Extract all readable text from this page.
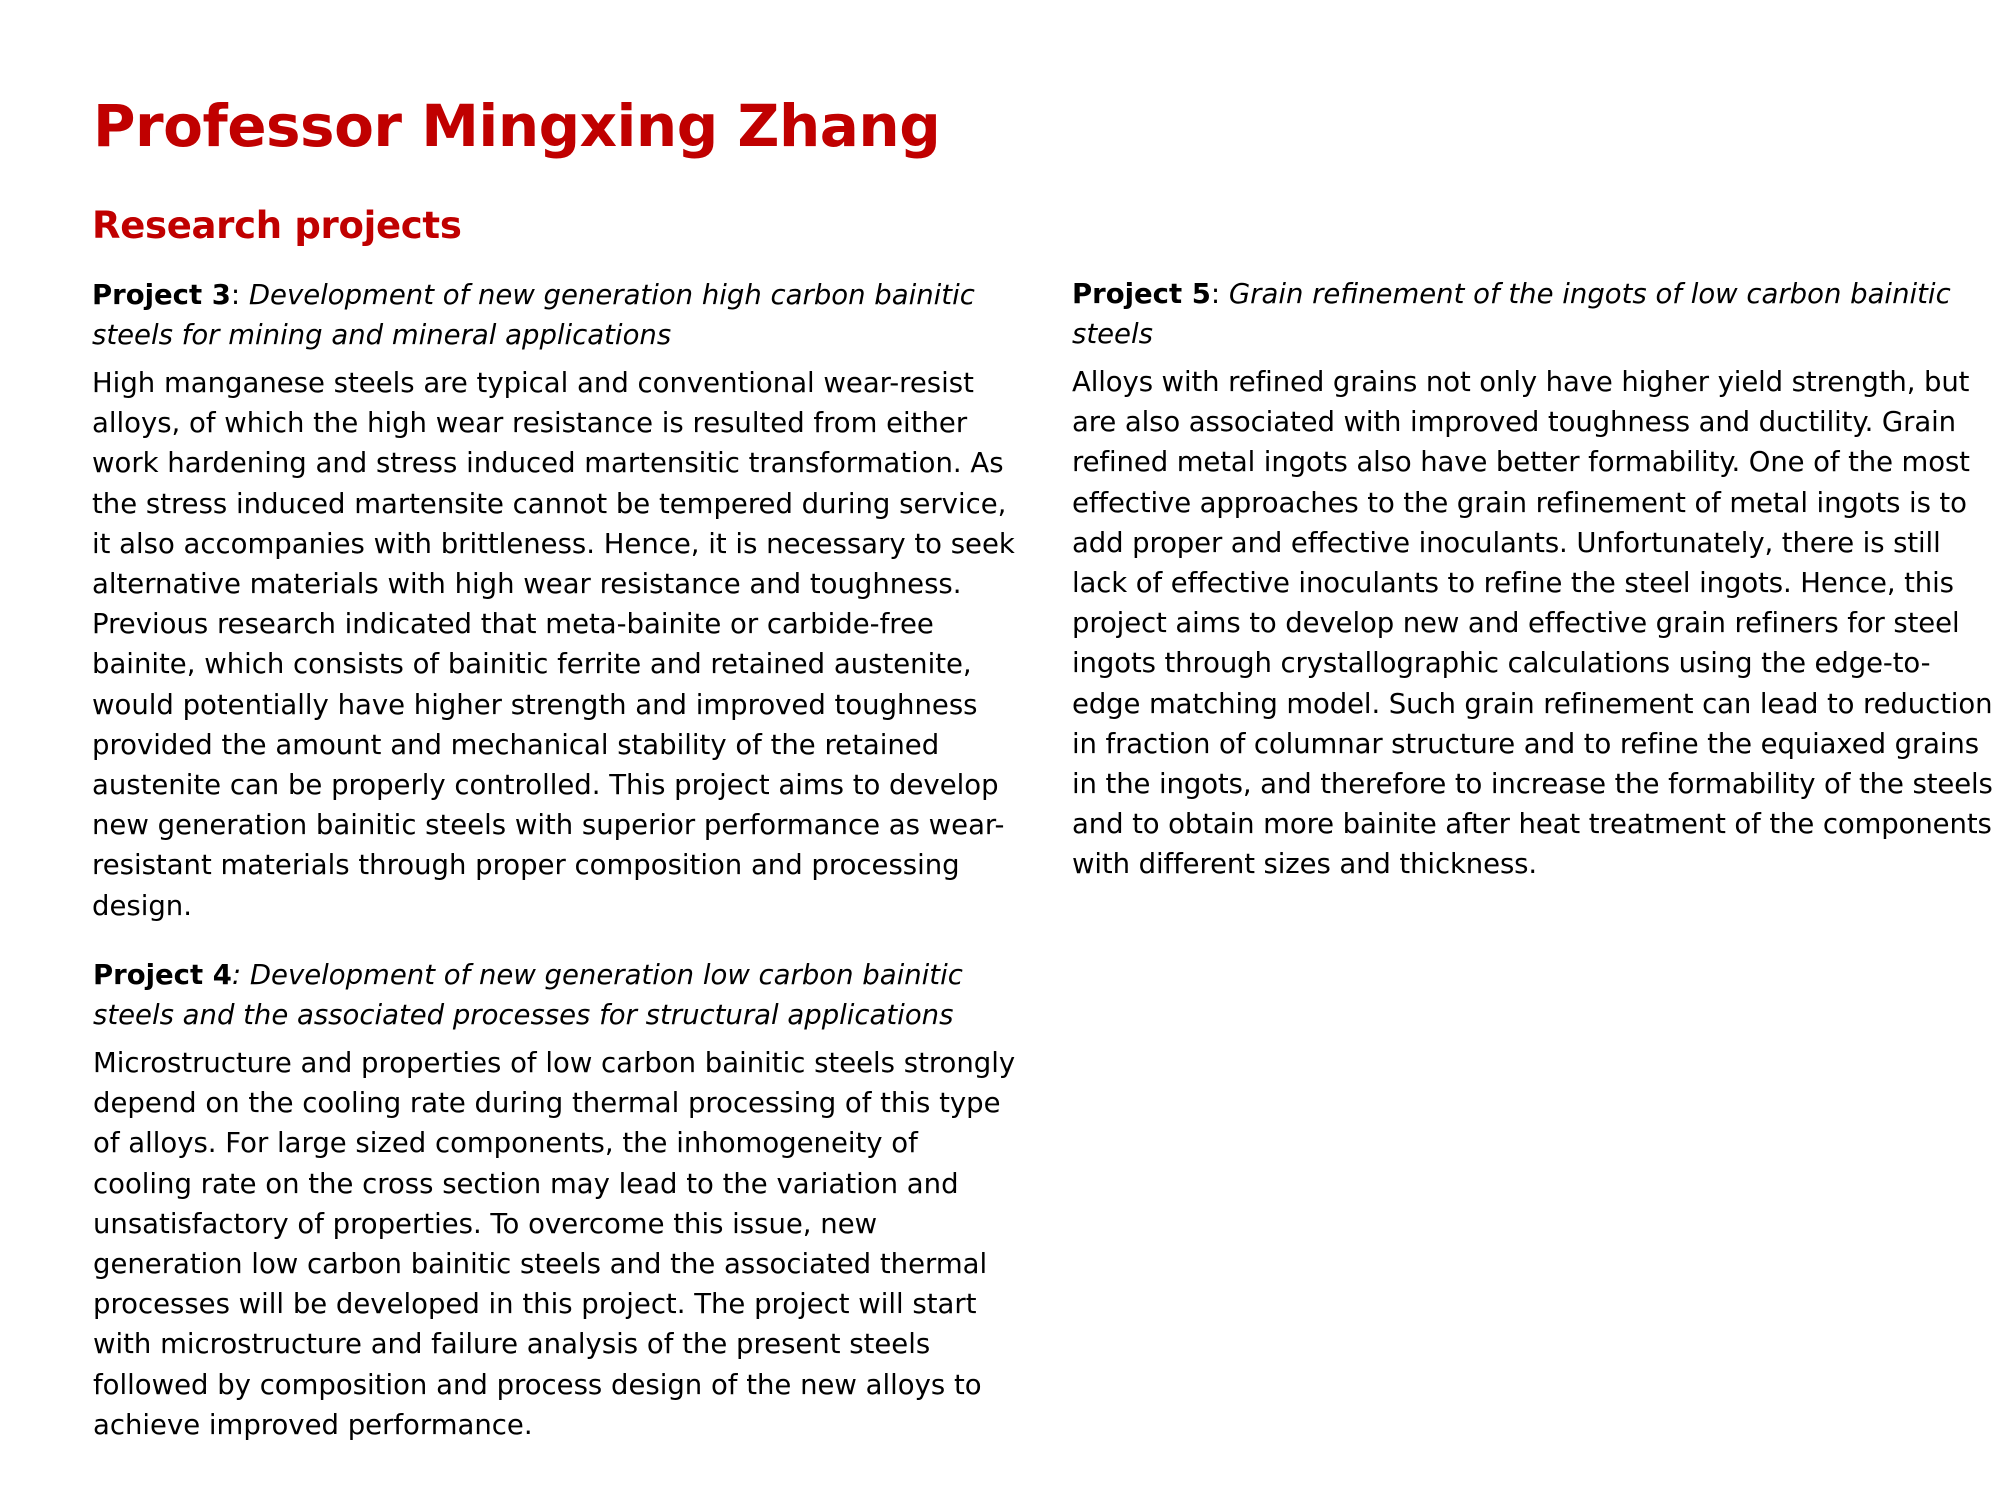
Professor Mingxing Zhang
Research projects

Project 3: Development of new generation high carbon bainitic steels for mining and mineral applications

High manganese steels are typical and conventional wear-resist alloys, of which the high wear resistance is resulted from either work hardening and stress induced martensitic transformation. As the stress induced martensite cannot be tempered during service, it also accompanies with brittleness. Hence, it is necessary to seek alternative materials with high wear resistance and toughness. Previous research indicated that meta-bainite or carbide-free bainite, which consists of bainitic ferrite and retained austenite, would potentially have higher strength and improved toughness provided the amount and mechanical stability of the retained austenite can be properly controlled. This project aims to develop new generation bainitic steels with superior performance as wear-resistant materials through proper composition and processing design.

Project 4: Development of new generation low carbon bainitic steels and the associated processes for structural applications

Microstructure and properties of low carbon bainitic steels strongly depend on the cooling rate during thermal processing of this type of alloys. For large sized components, the inhomogeneity of cooling rate on the cross section may lead to the variation and unsatisfactory of properties. To overcome this issue, new generation low carbon bainitic steels and the associated thermal processes will be developed in this project. The project will start with microstructure and failure analysis of the present steels followed by composition and process design of the new alloys to achieve improved performance.

Project 5: Grain refinement of the ingots of low carbon bainitic steels

Alloys with refined grains not only have higher yield strength, but are also associated with improved toughness and ductility. Grain refined metal ingots also have better formability. One of the most effective approaches to the grain refinement of metal ingots is to add proper and effective inoculants. Unfortunately, there is still lack of effective inoculants to refine the steel ingots. Hence, this project aims to develop new and effective grain refiners for steel ingots through crystallographic calculations using the edge-to-edge matching model. Such grain refinement can lead to reduction in fraction of columnar structure and to refine the equiaxed grains in the ingots, and therefore to increase the formability of the steels and to obtain more bainite after heat treatment of the components with different sizes and thickness.
